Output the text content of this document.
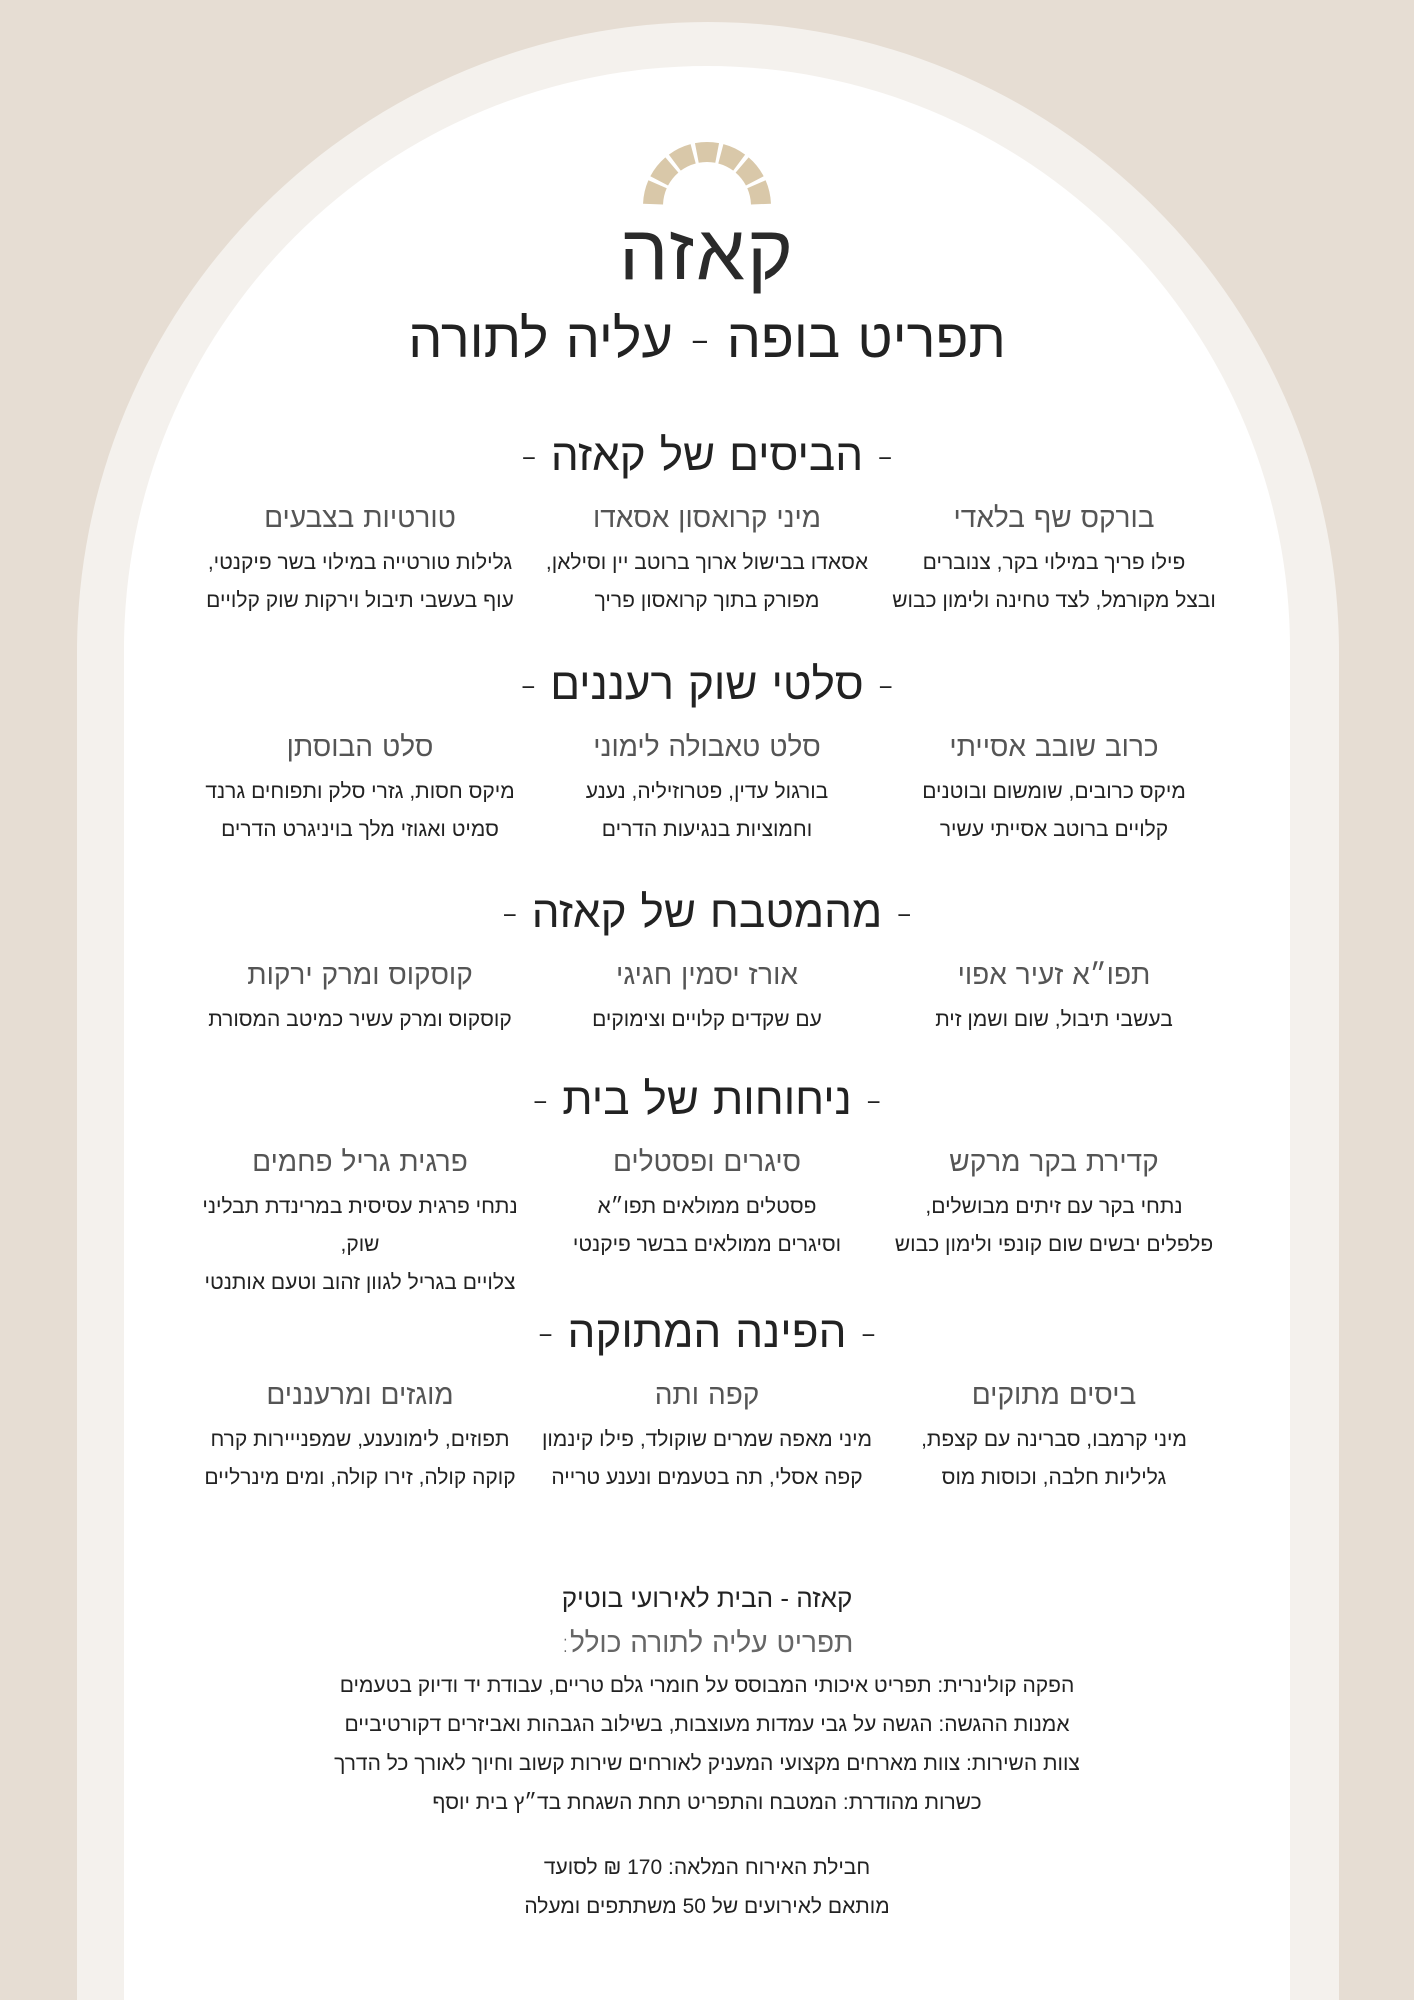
קאזה
תפריט בופה - עליה לתורה
- הביסים של קאזה -
בורקס שף בלאדי
פילו פריך במילוי בקר, צנוברים
ובצל מקורמל, לצד טחינה ולימון כבוש
מיני קרואסון אסאדו
אסאדו בבישול ארוך ברוטב יין וסילאן,
מפורק בתוך קרואסון פריך
טורטיות בצבעים
גלילות טורטייה במילוי בשר פיקנטי,
עוף בעשבי תיבול וירקות שוק קלויים
- סלטי שוק רעננים -
כרוב שובב אסייתי
מיקס כרובים, שומשום ובוטנים
קלויים ברוטב אסייתי עשיר
סלט טאבולה לימוני
בורגול עדין, פטרוזיליה, נענע
וחמוציות בנגיעות הדרים
סלט הבוסתן
מיקס חסות, גזרי סלק ותפוחים גרנד
סמיט ואגוזי מלך בויניגרט הדרים
- מהמטבח של קאזה -
תפו״א זעיר אפוי
בעשבי תיבול, שום ושמן זית
אורז יסמין חגיגי
עם שקדים קלויים וצימוקים
קוסקוס ומרק ירקות
קוסקוס ומרק עשיר כמיטב המסורת
- ניחוחות של בית -
קדירת בקר מרקש
נתחי בקר עם זיתים מבושלים,
פלפלים יבשים שום קונפי ולימון כבוש
סיגרים ופסטלים
פסטלים ממולאים תפו״א
וסיגרים ממולאים בבשר פיקנטי
פרגית גריל פחמים
נתחי פרגית עסיסית במרינדת תבליני שוק,
צלויים בגריל לגוון זהוב וטעם אותנטי
- הפינה המתוקה -
ביסים מתוקים
מיני קרמבו, סברינה עם קצפת,
גליליות חלבה, וכוסות מוס
קפה ותה
מיני מאפה שמרים שוקולד, פילו קינמון
קפה אסלי, תה בטעמים ונענע טרייה
מוגזים ומרעננים
תפוזים, לימונענע, שמפנייירות קרח
קוקה קולה, זירו קולה, ומים מינרליים
קאזה - הבית לאירועי בוטיק
תפריט עליה לתורה כולל:
הפקה קולינרית: תפריט איכותי המבוסס על חומרי גלם טריים, עבודת יד ודיוק בטעמים
אמנות ההגשה: הגשה על גבי עמדות מעוצבות, בשילוב הגבהות ואביזרים דקורטיביים
צוות השירות: צוות מארחים מקצועי המעניק לאורחים שירות קשוב וחיוך לאורך כל הדרך
כשרות מהודרת: המטבח והתפריט תחת השגחת בד״ץ בית יוסף
חבילת האירוח המלאה: 170 ₪ לסועד
מותאם לאירועים של 50 משתתפים ומעלה
